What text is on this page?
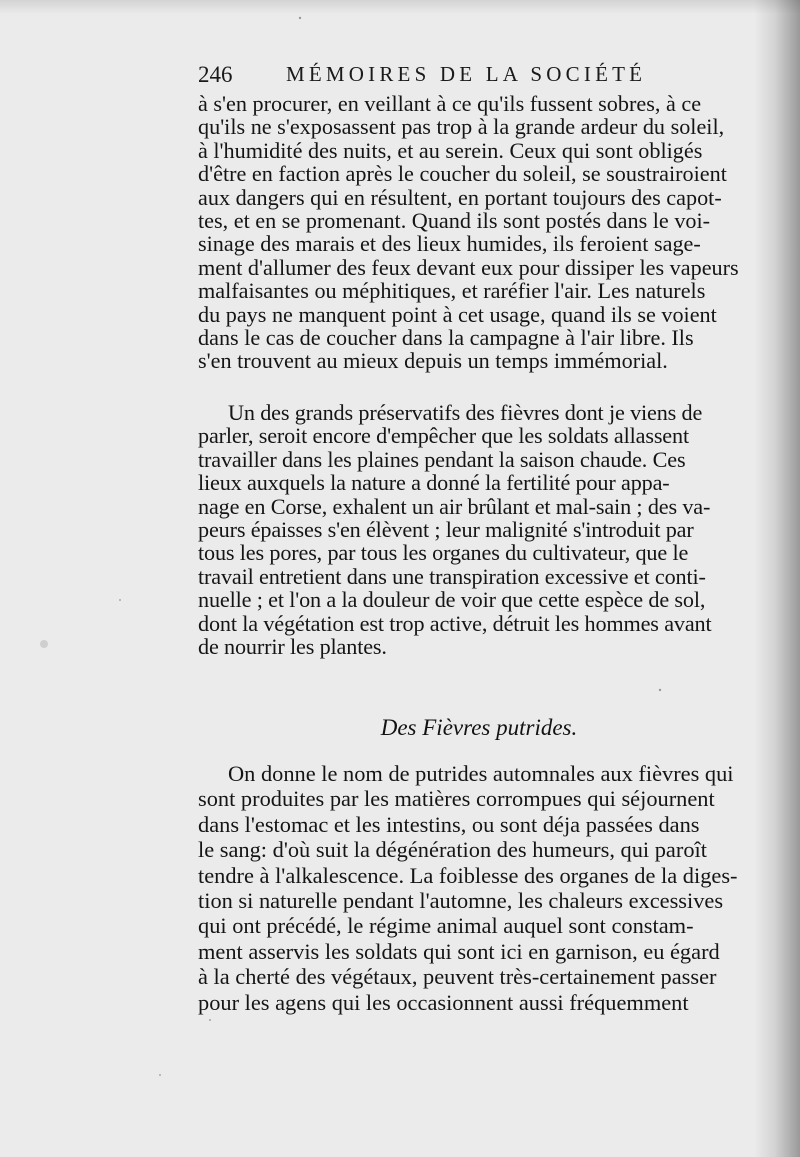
246	MÉMOIRES DE LA SOCIÉTÉ
à s'en procurer, en veillant à ce qu'ils fussent sobres, à ce
qu'ils ne s'exposassent pas trop à la grande ardeur du soleil,
à l'humidité des nuits, et au serein. Ceux qui sont obligés
d'être en faction après le coucher du soleil, se soustrairoient
aux dangers qui en résultent, en portant toujours des capot-
tes, et en se promenant. Quand ils sont postés dans le voi-
sinage des marais et des lieux humides, ils feroient sage-
ment d'allumer des feux devant eux pour dissiper les vapeurs
malfaisantes ou méphitiques, et raréfier l'air. Les naturels
du pays ne manquent point à cet usage, quand ils se voient
dans le cas de coucher dans la campagne à l'air libre. Ils
s'en trouvent au mieux depuis un temps immémorial.
Un des grands préservatifs des fièvres dont je viens de
parler, seroit encore d'empêcher que les soldats allassent
travailler dans les plaines pendant la saison chaude. Ces
lieux auxquels la nature a donné la fertilité pour appa-
nage en Corse, exhalent un air brûlant et mal-sain ; des va-
peurs épaisses s'en élèvent ; leur malignité s'introduit par
tous les pores, par tous les organes du cultivateur, que le
travail entretient dans une transpiration excessive et conti-
nuelle ; et l'on a la douleur de voir que cette espèce de sol,
dont la végétation est trop active, détruit les hommes avant
de nourrir les plantes.
Des Fièvres putrides.
On donne le nom de putrides automnales aux fièvres qui
sont produites par les matières corrompues qui séjournent
dans l'estomac et les intestins, ou sont déja passées dans
le sang: d'où suit la dégénération des humeurs, qui paroît
tendre à l'alkalescence. La foiblesse des organes de la diges-
tion si naturelle pendant l'automne, les chaleurs excessives
qui ont précédé, le régime animal auquel sont constam-
ment asservis les soldats qui sont ici en garnison, eu égard
à la cherté des végétaux, peuvent très-certainement passer
pour les agens qui les occasionnent aussi fréquemment
